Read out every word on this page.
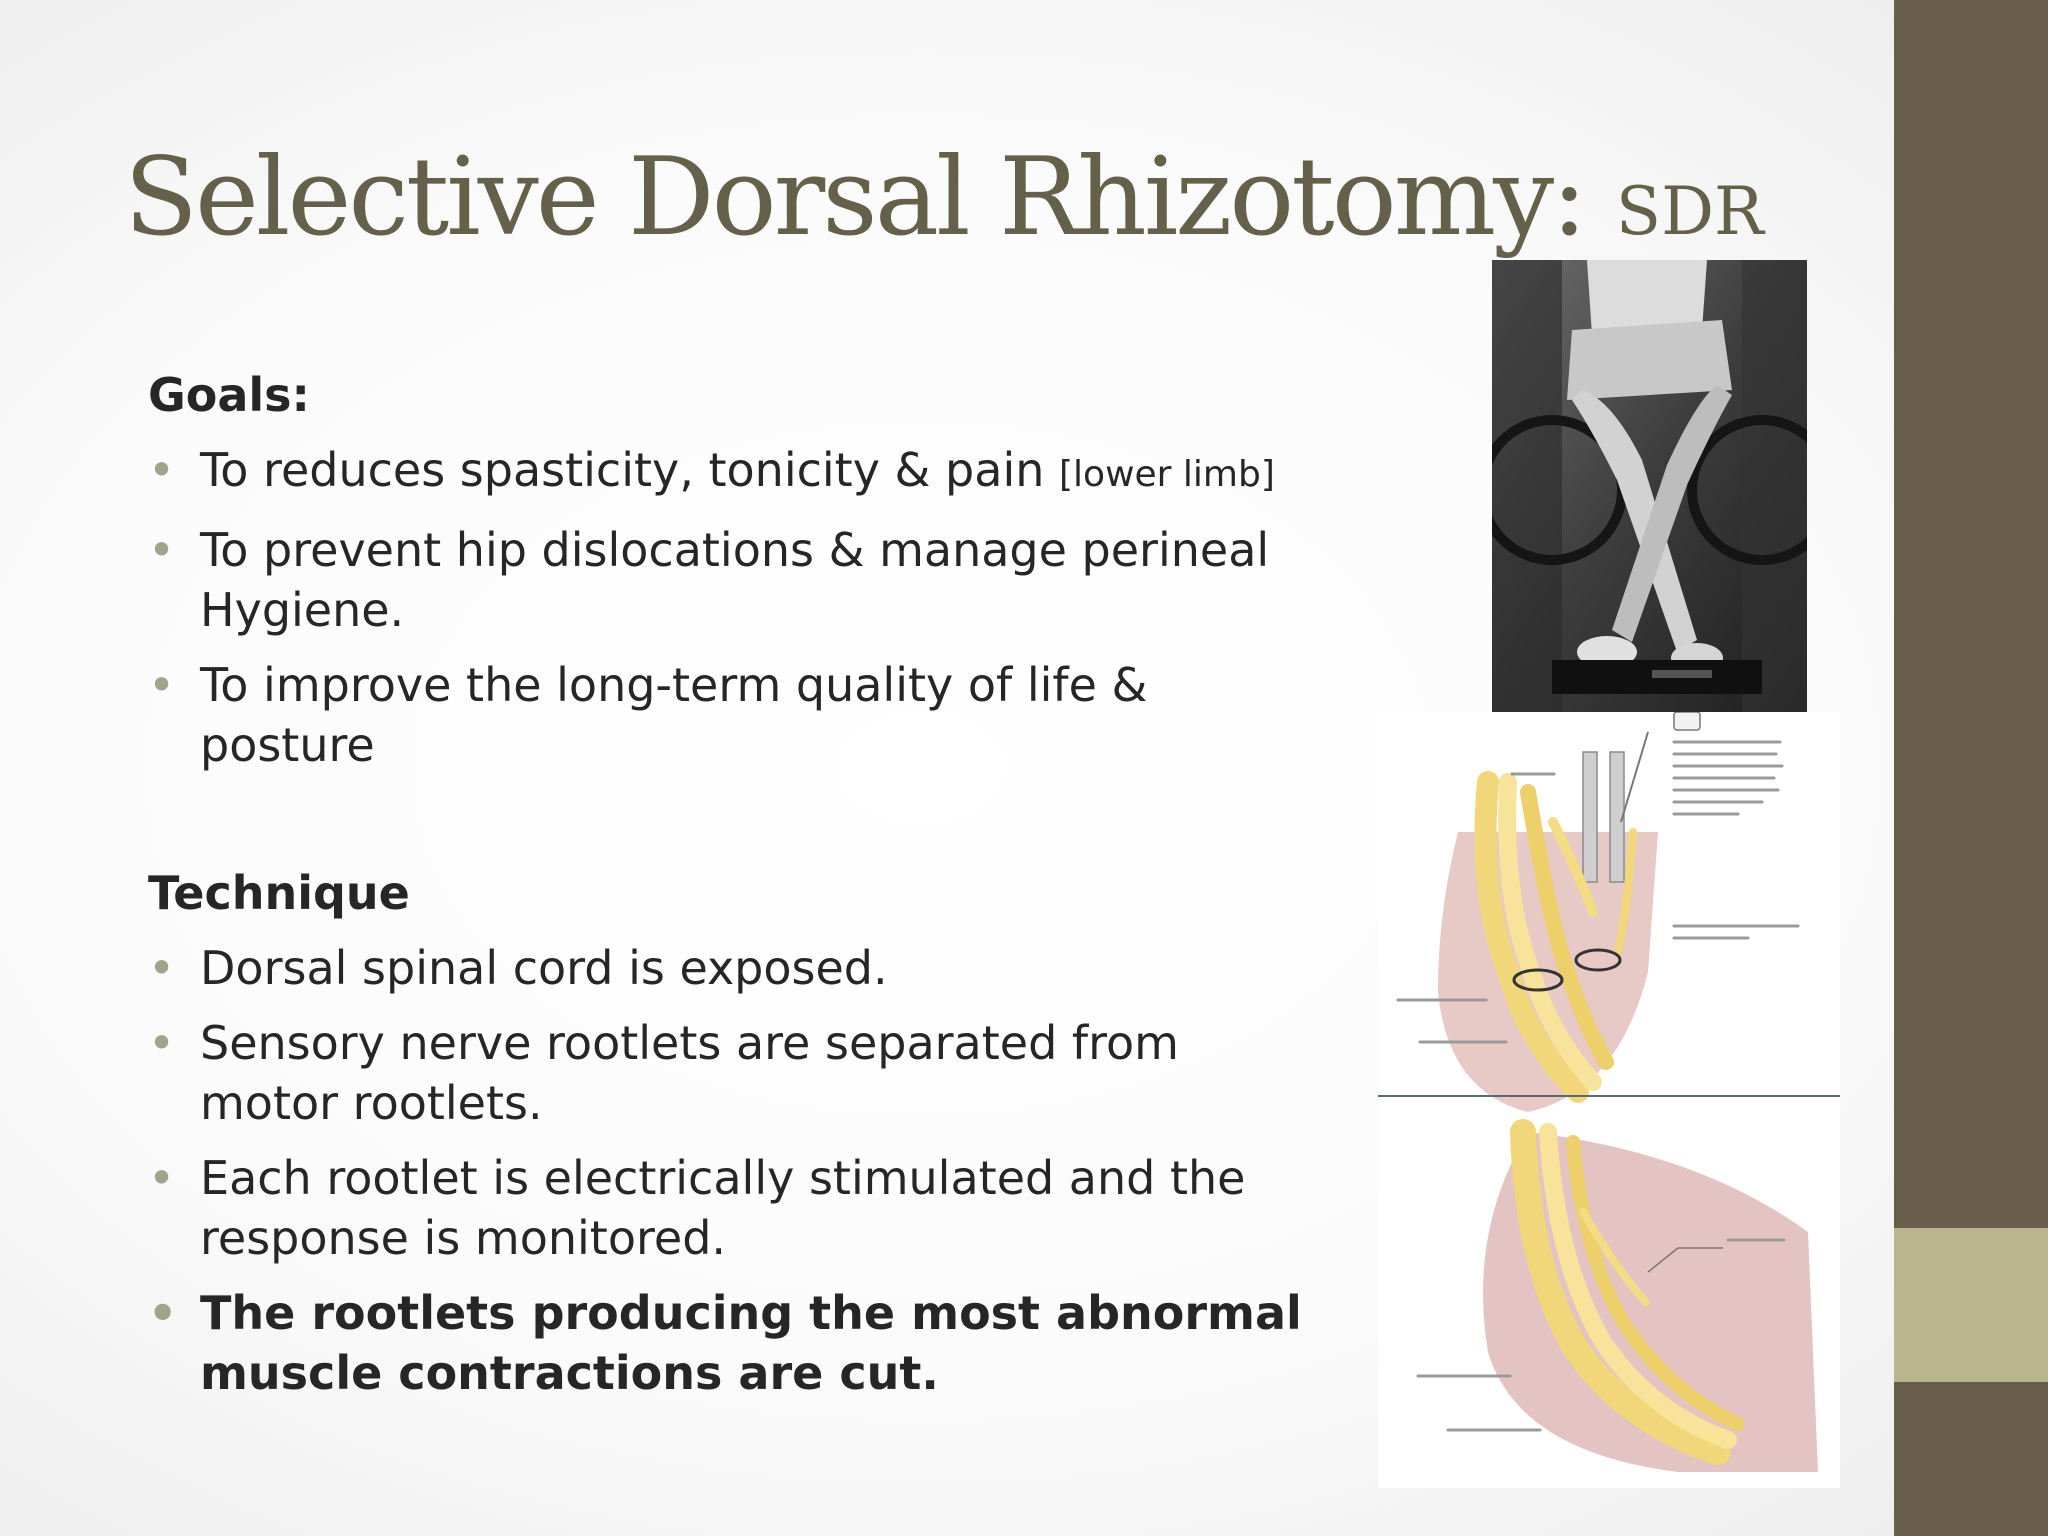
Selective Dorsal Rhizotomy: SDR

Goals:

• To reduces spasticity, tonicity & pain [lower limb]
• To prevent hip dislocations & manage perineal Hygiene.
• To improve the long-term quality of life & posture

Technique

• Dorsal spinal cord is exposed.
• Sensory nerve rootlets are separated from motor rootlets.
• Each rootlet is electrically stimulated and the response is monitored.
• The rootlets producing the most abnormal muscle contractions are cut.
